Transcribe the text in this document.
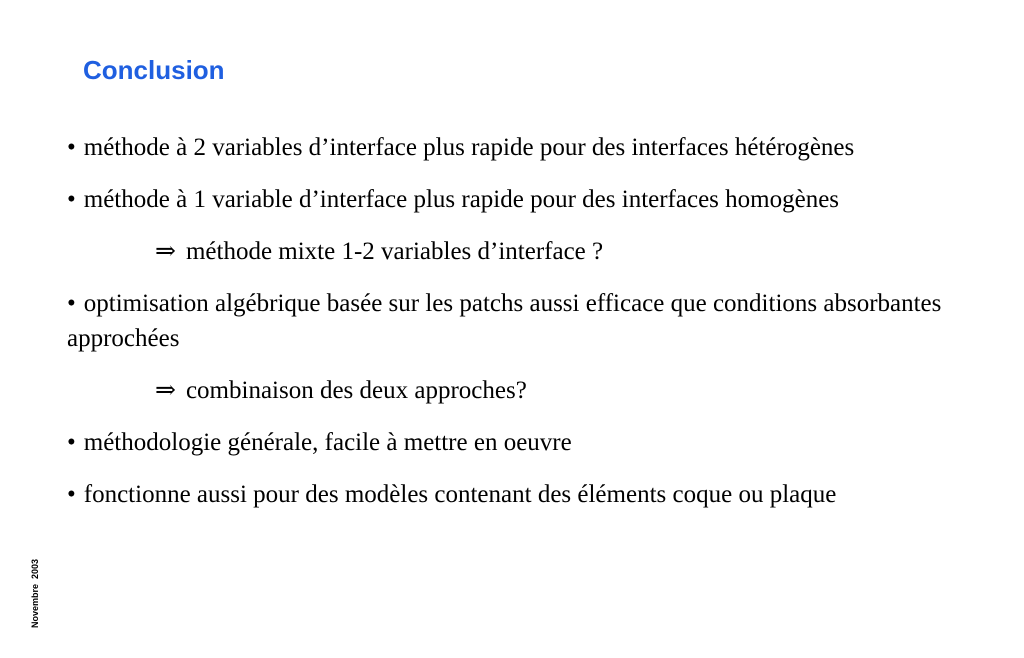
Conclusion
• méthode à 2 variables d’interface plus rapide pour des interfaces hétérogènes
• méthode à 1 variable d’interface plus rapide pour des interfaces homogènes
⇒ méthode mixte 1-2 variables d’interface ?
• optimisation algébrique basée sur les patchs aussi efficace que conditions absorbantes approchées
⇒ combinaison des deux approches?
• méthodologie générale, facile à mettre en oeuvre
• fonctionne aussi pour des modèles contenant des éléments coque ou plaque
Novembre  2003
